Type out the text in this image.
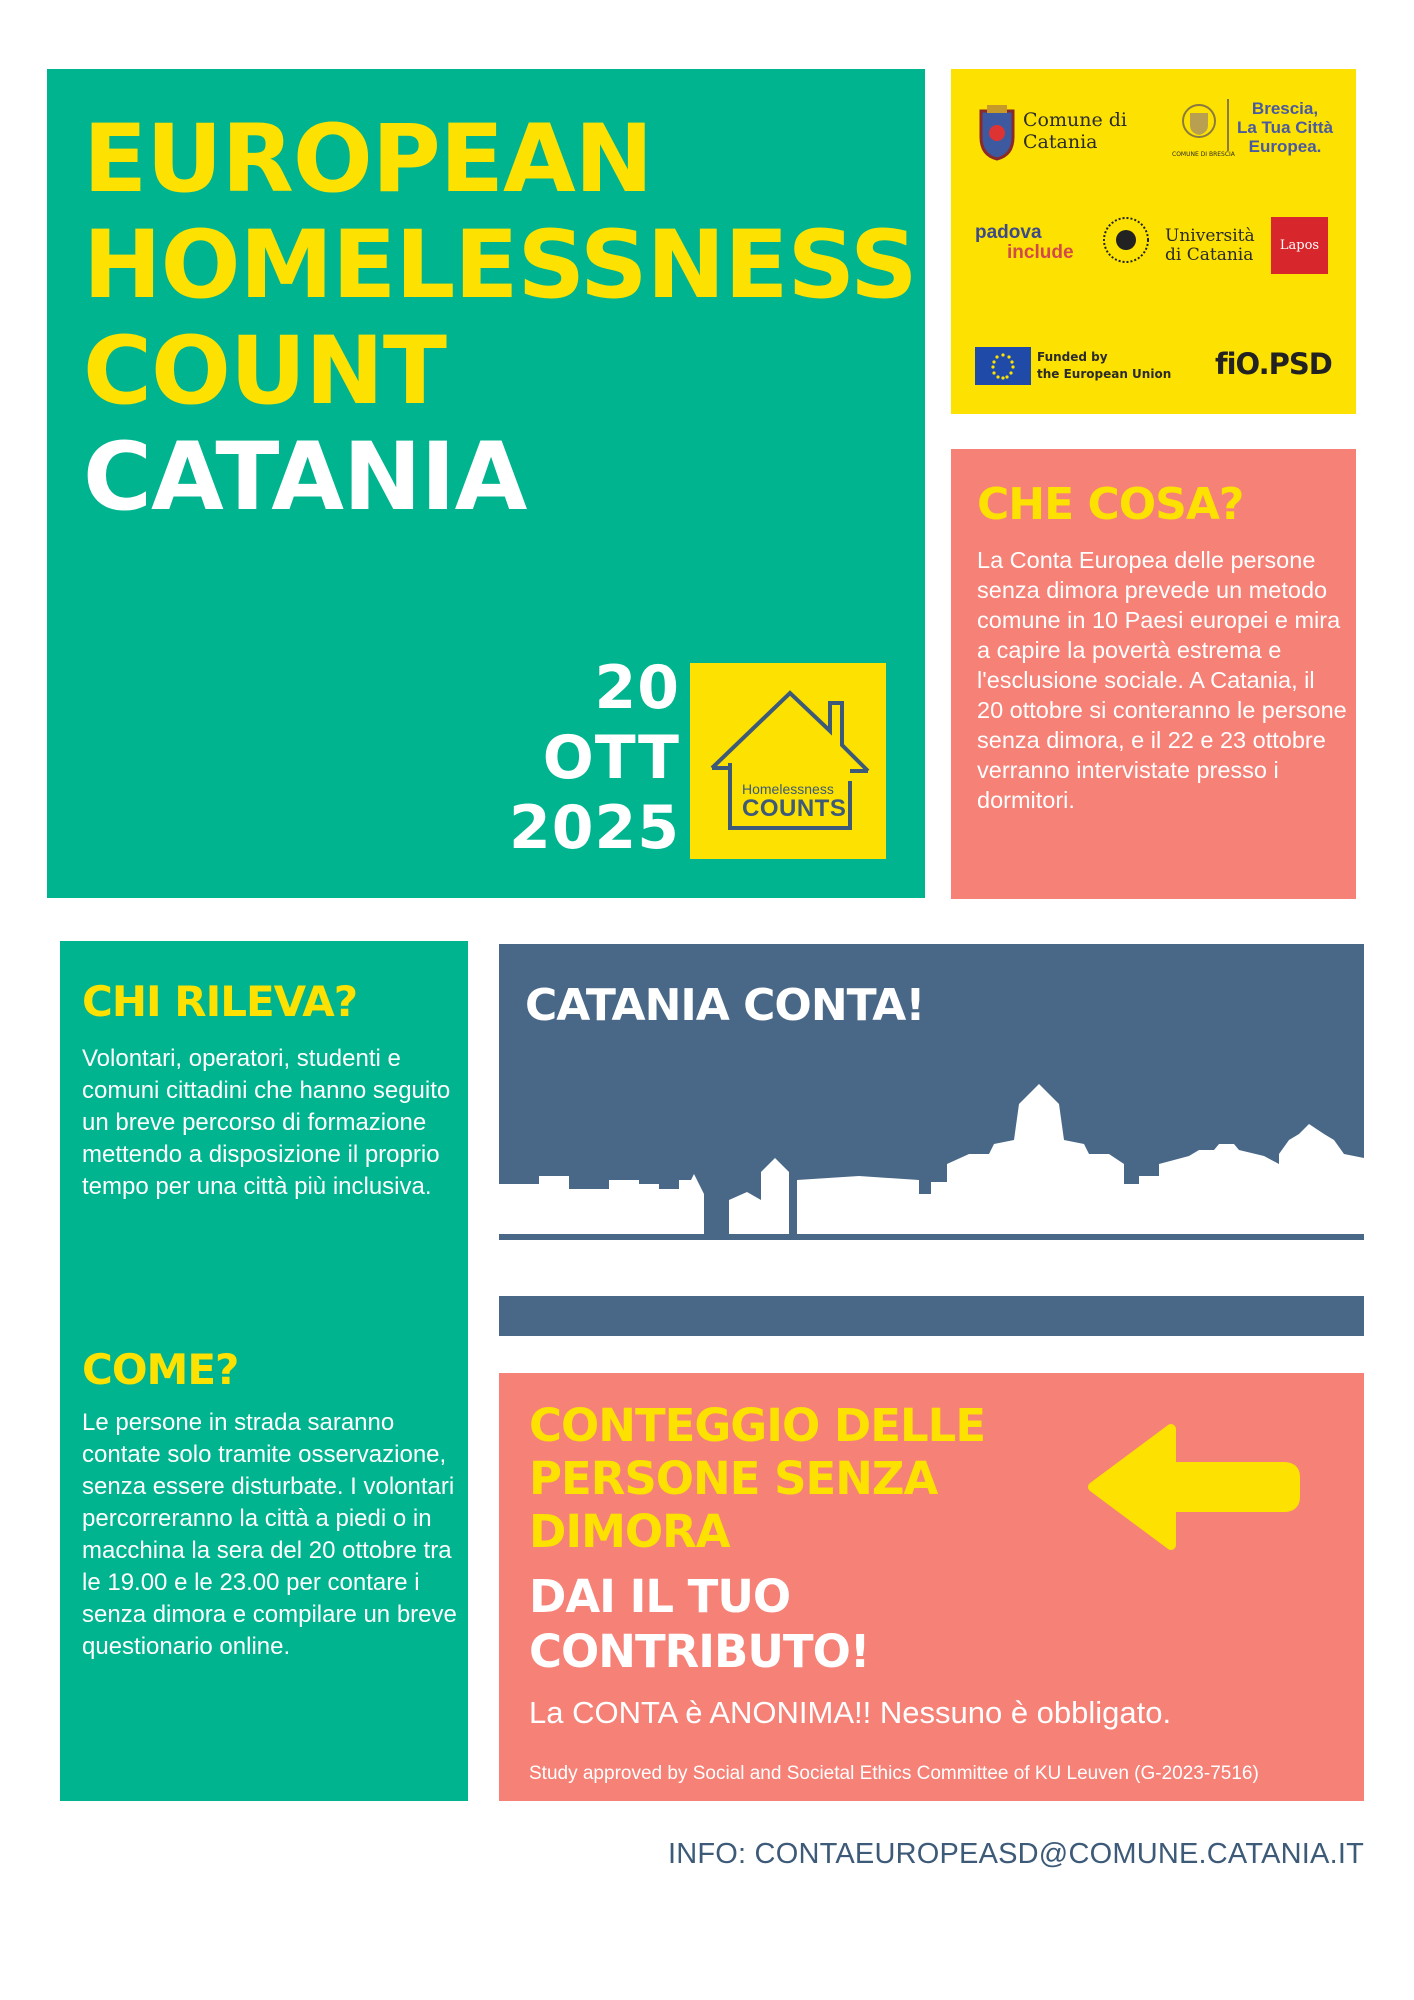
EUROPEAN
HOMELESSNESS
COUNT
CATANIA
20
OTT
2025
Homelessness
COUNTS
Comune di
Catania
COMUNE DI BRESCIA
Brescia,
La Tua Città
Europea.
padova
include
Università
di Catania	Lapos
Funded by
the European Union fiO.PSD
CHE COSA?

La Conta Europea delle persone senza dimora prevede un metodo comune in 10 Paesi europei e mira a capire la povertà estrema e l'esclusione sociale. A Catania, il 20 ottobre si conteranno le persone senza dimora, e il 22 e 23 ottobre verranno intervistate presso i dormitori.

CHI RILEVA?

Volontari, operatori, studenti e comuni cittadini che hanno seguito un breve percorso di formazione mettendo a disposizione il proprio tempo per una città più inclusiva.

COME?

Le persone in strada saranno contate solo tramite osservazione, senza essere disturbate. I volontari percorreranno la città a piedi o in macchina la sera del 20 ottobre tra le 19.00 e le 23.00 per contare i senza dimora e compilare un breve questionario online.

CATANIA CONTA!
CONTEGGIO DELLE
PERSONE SENZA
DIMORA
DAI IL TUO
CONTRIBUTO!
La CONTA è ANONIMA!! Nessuno è obbligato.
Study approved by Social and Societal Ethics Committee of KU Leuven (G-2023-7516)
INFO: CONTAEUROPEASD@COMUNE.CATANIA.IT
